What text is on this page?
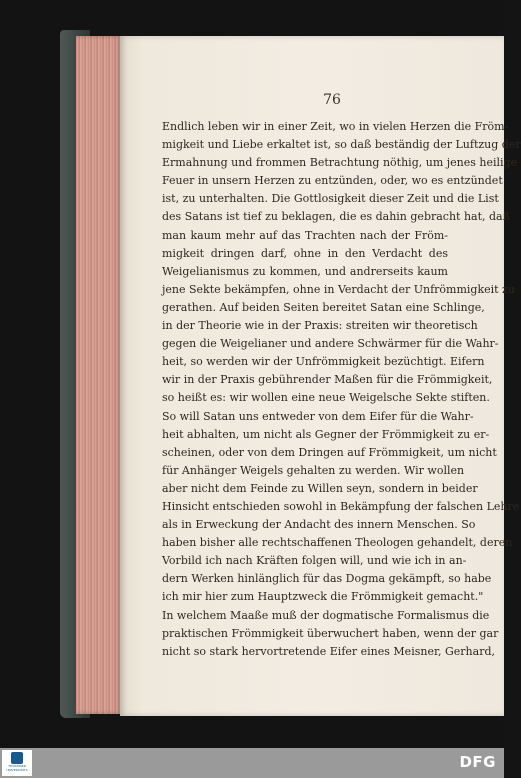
76
Endlich leben wir in einer Zeit, wo in vielen Herzen die Fröm-
migkeit und Liebe erkaltet ist, so daß beständig der Luftzug der
Ermahnung und frommen Betrachtung nöthig, um jenes heilige
Feuer in unsern Herzen zu entzünden, oder, wo es entzündet
ist, zu unterhalten. Die Gottlosigkeit dieser Zeit und die List
des Satans ist tief zu beklagen, die es dahin gebracht hat, daß
man kaum mehr auf das Trachten nach der Fröm-
migkeit dringen darf, ohne in den Verdacht des
Weigelianismus zu kommen, und andrerseits kaum
jene Sekte bekämpfen, ohne in Verdacht der Unfrömmigkeit zu
gerathen. Auf beiden Seiten bereitet Satan eine Schlinge,
in der Theorie wie in der Praxis: streiten wir theoretisch
gegen die Weigelianer und andere Schwärmer für die Wahr-
heit, so werden wir der Unfrömmigkeit bezüchtigt. Eifern
wir in der Praxis gebührender Maßen für die Frömmigkeit,
so heißt es: wir wollen eine neue Weigelsche Sekte stiften.
So will Satan uns entweder von dem Eifer für die Wahr-
heit abhalten, um nicht als Gegner der Frömmigkeit zu er-
scheinen, oder von dem Dringen auf Frömmigkeit, um nicht
für Anhänger Weigels gehalten zu werden. Wir wollen
aber nicht dem Feinde zu Willen seyn, sondern in beider
Hinsicht entschieden sowohl in Bekämpfung der falschen Lehre
als in Erweckung der Andacht des innern Menschen. So
haben bisher alle rechtschaffenen Theologen gehandelt, deren
Vorbild ich nach Kräften folgen will, und wie ich in an-
dern Werken hinlänglich für das Dogma gekämpft, so habe
ich mir hier zum Hauptzweck die Frömmigkeit gemacht."
In welchem Maaße muß der dogmatische Formalismus die
praktischen Frömmigkeit überwuchert haben, wenn der gar
nicht so stark hervortretende Eifer eines Meisner, Gerhard,
THÜRINGER UNIVERSITÄTS	DFG
